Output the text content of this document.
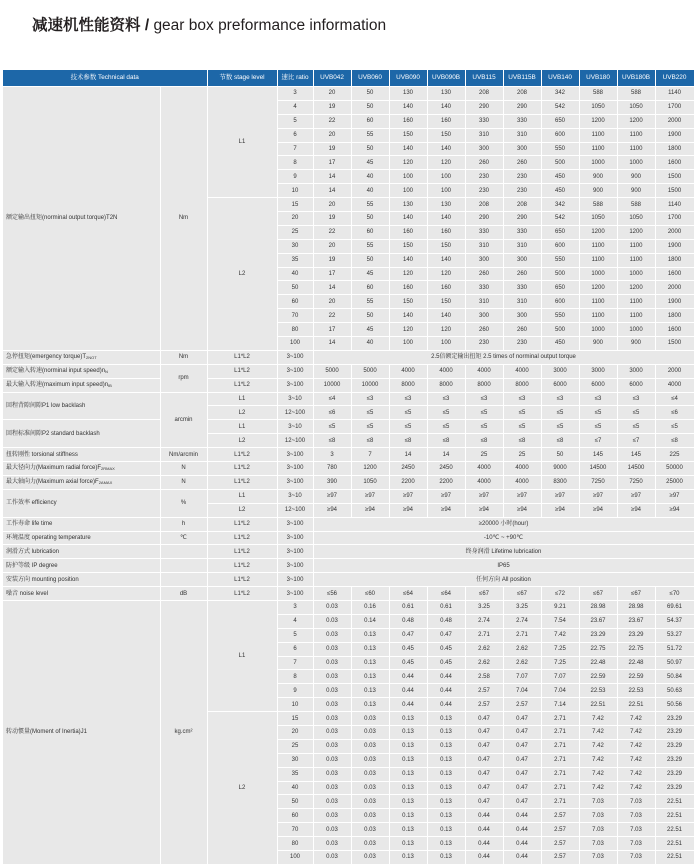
减速机性能资料 / gear box preformance information
技术参数 Technical data		节数 stage level	速比 ratio	UVB042	UVB060	UVB090	UVB090B	UVB115	UVB115B	UVB140	UVB180	UVB180B	UVB220
额定输出扭矩(norminal output torque)T2N	Nm	L1	3	20	50	130	130	208	208	342	588	588	1140
			4	19	50	140	140	290	290	542	1050	1050	1700
			5	22	60	160	160	330	330	650	1200	1200	2000
			6	20	55	150	150	310	310	600	1100	1100	1900
			7	19	50	140	140	300	300	550	1100	1100	1800
			8	17	45	120	120	260	260	500	1000	1000	1600
			9	14	40	100	100	230	230	450	900	900	1500
			10	14	40	100	100	230	230	450	900	900	1500
		L2	15	20	55	130	130	208	208	342	588	588	1140
			20	19	50	140	140	290	290	542	1050	1050	1700
			25	22	60	160	160	330	330	650	1200	1200	2000
			30	20	55	150	150	310	310	600	1100	1100	1900
			35	19	50	140	140	300	300	550	1100	1100	1800
			40	17	45	120	120	260	260	500	1000	1000	1600
			50	14	60	160	160	330	330	650	1200	1200	2000
			60	20	55	150	150	310	310	600	1100	1100	1900
			70	22	50	140	140	300	300	550	1100	1100	1800
			80	17	45	120	120	260	260	500	1000	1000	1600
			100	14	40	100	100	230	230	450	900	900	1500
急停扭矩(emergency $torque)T_{2NOT}$	Nm	L1*L2	3~100	2.5倍额定输出扭矩 2.5 times of norminal output torque									
额定输入转速(norminal input $speed)n_N$	rpm	L1*L2	3~100	5000	5000	4000	4000	4000	4000	3000	3000	3000	2000
最大输入转速(maximum input $speed)n_{IB}$		L1*L2	3~100	10000	10000	8000	8000	8000	8000	6000	6000	6000	4000
回程背隙间隙P1 low backlash	arcmin	L1	3~10	≤4	≤3	≤3	≤3	≤3	≤3	≤3	≤3	≤3	≤4
		L2	12~100	≤6	≤5	≤5	≤5	≤5	≤5	≤5	≤5	≤5	≤6
回程标准间隙P2 standard backlash		L1	3~10	≤5	≤5	≤5	≤5	≤5	≤5	≤5	≤5	≤5	≤5
		L2	12~100	≤8	≤8	≤8	≤8	≤8	≤8	≤8	≤7	≤7	≤8
扭转刚性 torsional stiffness	Nm/arcmin	L1*L2	3~100	3	7	14	14	25	25	50	145	145	225
最大径向力(Maximum radial $force)F_{2RMAX}$	N	L1*L2	3~100	780	1200	2450	2450	4000	4000	9000	14500	14500	50000
最大轴向力(Maximum axial $force)F_{2AMAX}$	N	L1*L2	3~100	390	1050	2200	2200	4000	4000	8300	7250	7250	25000
工作效率 efficiency	%	L1	3~10	≥97	≥97	≥97	≥97	≥97	≥97	≥97	≥97	≥97	≥97
		L2	12~100	≥94	≥94	≥94	≥94	≥94	≥94	≥94	≥94	≥94	≥94
工作寿命 life time	h	L1*L2	3~100	≥20000 小时(hour)									
环境温度 operating temperature	℃	L1*L2	3~100	-10℃ ~ +90℃									
润滑方式 lubrication		L1*L2	3~100	终身润滑 Lifetime lubrication									
防护等级 IP degree		L1*L2	3~100	IP65									
安装方向 mounting position		L1*L2	3~100	任何方向 All position									
噪音 noise level	dB	L1*L2	3~100	≤56	≤60	≤64	≤64	≤67	≤67	≤72	≤67	≤67	≤70
转动惯量(Moment of Inertia)J1	kg.cm²	L1	3	0.03	0.16	0.61	0.61	3.25	3.25	9.21	28.98	28.98	69.61
			4	0.03	0.14	0.48	0.48	2.74	2.74	7.54	23.67	23.67	54.37
			5	0.03	0.13	0.47	0.47	2.71	2.71	7.42	23.29	23.29	53.27
			6	0.03	0.13	0.45	0.45	2.62	2.62	7.25	22.75	22.75	51.72
			7	0.03	0.13	0.45	0.45	2.62	2.62	7.25	22.48	22.48	50.97
			8	0.03	0.13	0.44	0.44	2.58	7.07	7.07	22.59	22.59	50.84
			9	0.03	0.13	0.44	0.44	2.57	7.04	7.04	22.53	22.53	50.63
			10	0.03	0.13	0.44	0.44	2.57	2.57	7.14	22.51	22.51	50.56
		L2	15	0.03	0.03	0.13	0.13	0.47	0.47	2.71	7.42	7.42	23.29
			20	0.03	0.03	0.13	0.13	0.47	0.47	2.71	7.42	7.42	23.29
			25	0.03	0.03	0.13	0.13	0.47	0.47	2.71	7.42	7.42	23.29
			30	0.03	0.03	0.13	0.13	0.47	0.47	2.71	7.42	7.42	23.29
			35	0.03	0.03	0.13	0.13	0.47	0.47	2.71	7.42	7.42	23.29
			40	0.03	0.03	0.13	0.13	0.47	0.47	2.71	7.42	7.42	23.29
			50	0.03	0.03	0.13	0.13	0.47	0.47	2.71	7.03	7.03	22.51
			60	0.03	0.03	0.13	0.13	0.44	0.44	2.57	7.03	7.03	22.51
			70	0.03	0.03	0.13	0.13	0.44	0.44	2.57	7.03	7.03	22.51
			80	0.03	0.03	0.13	0.13	0.44	0.44	2.57	7.03	7.03	22.51
			100	0.03	0.03	0.13	0.13	0.44	0.44	2.57	7.03	7.03	22.51
